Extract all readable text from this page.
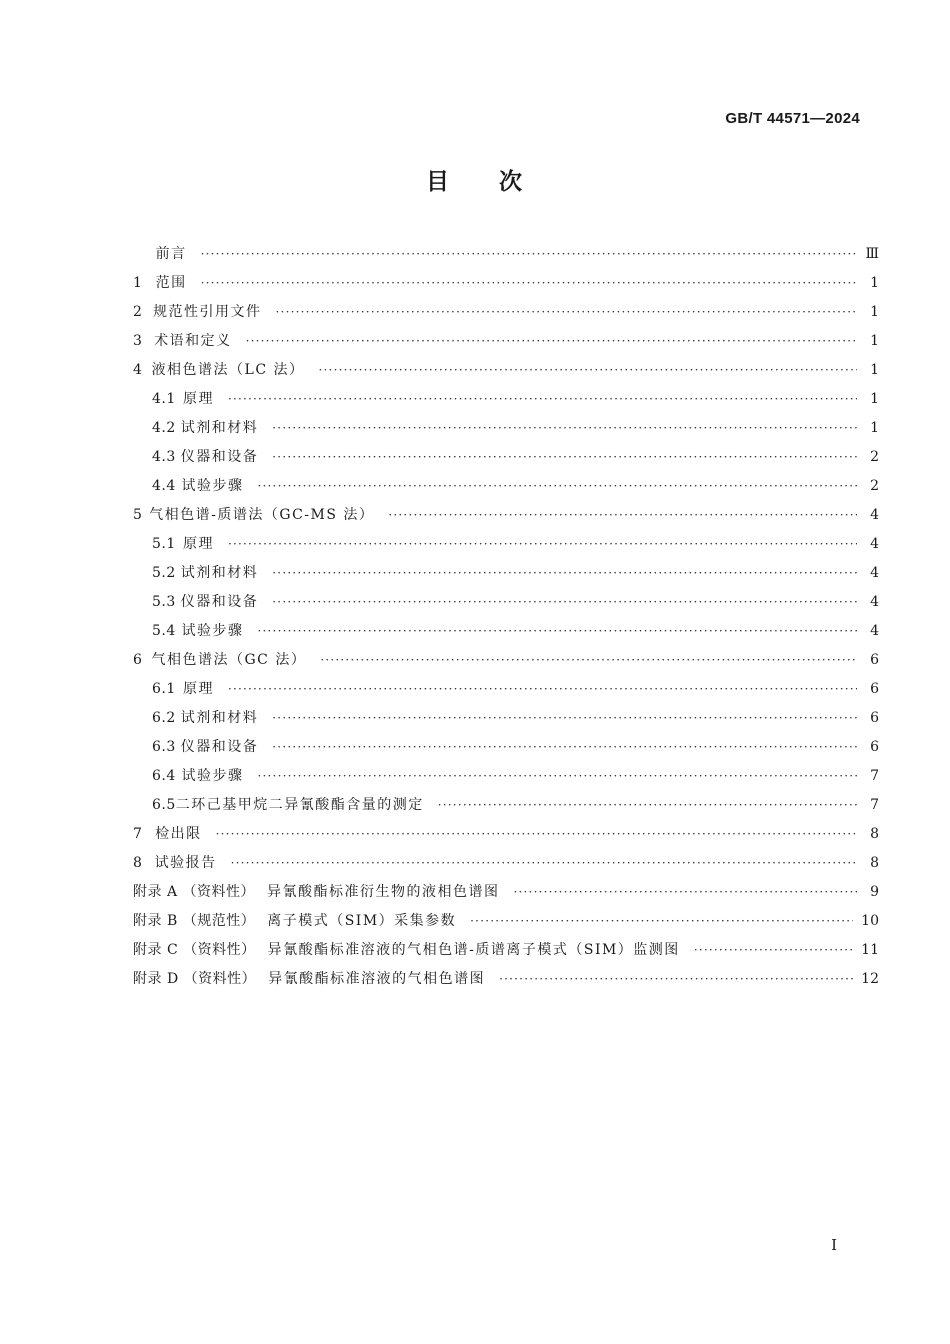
GB/T 44571—2024
目 次
前言 ·····	Ⅲ
1 范围 ·····	1
2 规范性引用文件 ·····	1
3 术语和定义 ·····	1
4 液相色谱法（LC 法） ·····	1
4.1 原理 ·····	1
4.2 试剂和材料 ·····	1
4.3 仪器和设备 ·····	2
4.4 试验步骤 ·····	2
5 气相色谱-质谱法（GC-MS 法） ·····	4
5.1 原理 ·····	4
5.2 试剂和材料 ·····	4
5.3 仪器和设备 ·····	4
5.4 试验步骤 ·····	4
6 气相色谱法（GC 法） ·····	6
6.1 原理 ·····	6
6.2 试剂和材料 ·····	6
6.3 仪器和设备 ·····	6
6.4 试验步骤 ·····	7
6.5 二环己基甲烷二异氰酸酯含量的测定 ·····	7
7 检出限 ·····	8
8 试验报告 ·····	8
附录 A （资料性） 异氰酸酯标准衍生物的液相色谱图 ·····	9
附录 B （规范性） 离子模式（SIM）采集参数 ·····	10
附录 C （资料性） 异氰酸酯标准溶液的气相色谱-质谱离子模式（SIM）监测图 ·····	11
附录 D （资料性） 异氰酸酯标准溶液的气相色谱图 ·····	12
Ⅰ
